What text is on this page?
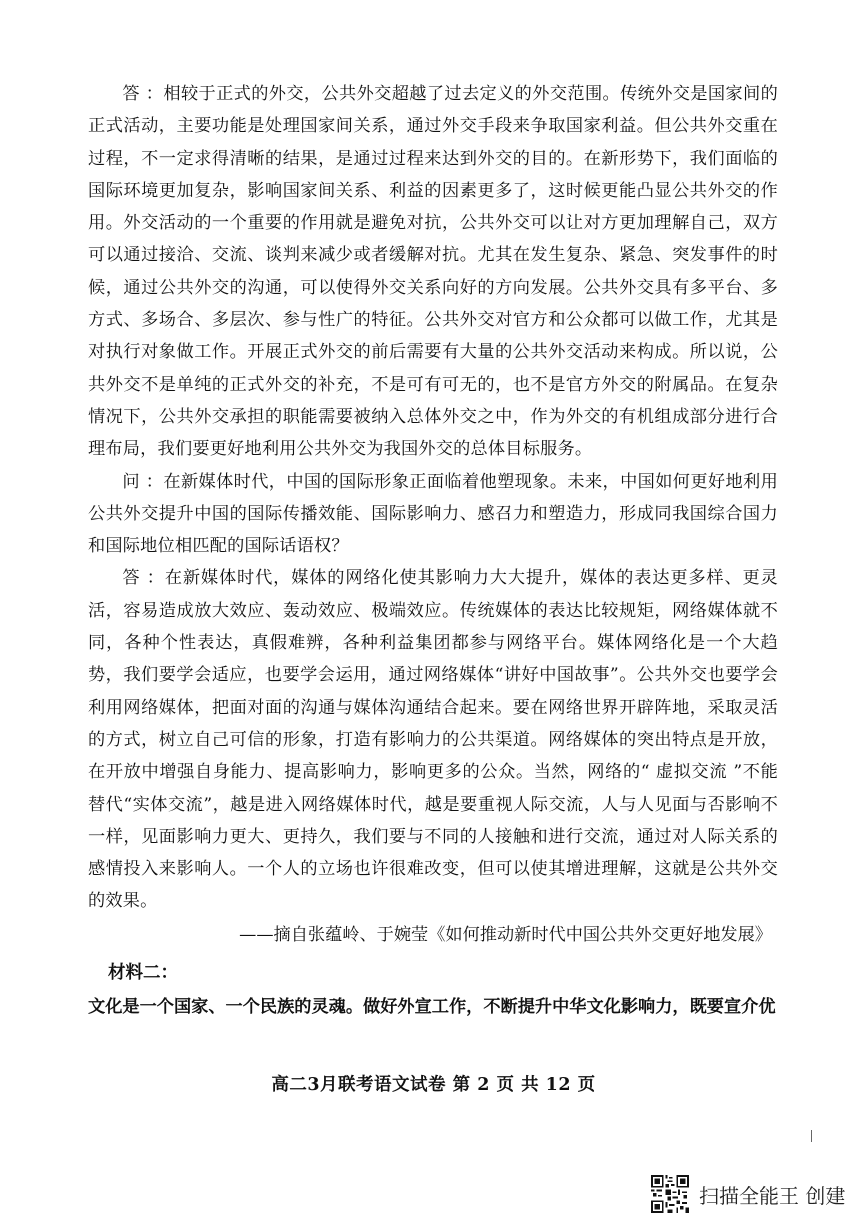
答 ：相较于正式的外交，公共外交超越了过去定义的外交范围。传统外交是国家间的正式活动，主要功能是处理国家间关系，通过外交手段来争取国家利益。但公共外交重在过程，不一定求得清晰的结果，是通过过程来达到外交的目的。在新形势下，我们面临的国际环境更加复杂，影响国家间关系、利益的因素更多了，这时候更能凸显公共外交的作用。外交活动的一个重要的作用就是避免对抗，公共外交可以让对方更加理解自己，双方可以通过接洽、交流、谈判来减少或者缓解对抗。尤其在发生复杂、紧急、突发事件的时候，通过公共外交的沟通，可以使得外交关系向好的方向发展。公共外交具有多平台、多方式、多场合、多层次、参与性广的特征。公共外交对官方和公众都可以做工作，尤其是对执行对象做工作。开展正式外交的前后需要有大量的公共外交活动来构成。所以说，公共外交不是单纯的正式外交的补充，不是可有可无的，也不是官方外交的附属品。在复杂情况下，公共外交承担的职能需要被纳入总体外交之中，作为外交的有机组成部分进行合理布局，我们要更好地利用公共外交为我国外交的总体目标服务。

问 ：在新媒体时代，中国的国际形象正面临着他塑现象。未来，中国如何更好地利用公共外交提升中国的国际传播效能、国际影响力、感召力和塑造力，形成同我国综合国力和国际地位相匹配的国际话语权？

答 ：在新媒体时代，媒体的网络化使其影响力大大提升，媒体的表达更多样、更灵活，容易造成放大效应、轰动效应、极端效应。传统媒体的表达比较规矩，网络媒体就不同，各种个性表达，真假难辨，各种利益集团都参与网络平台。媒体网络化是一个大趋势，我们要学会适应，也要学会运用，通过网络媒体“讲好中国故事”。公共外交也要学会利用网络媒体，把面对面的沟通与媒体沟通结合起来。要在网络世界开辟阵地，采取灵活的方式，树立自己可信的形象，打造有影响力的公共渠道。网络媒体的突出特点是开放，在开放中增强自身能力、提高影响力，影响更多的公众。当然，网络的“ 虚拟交流 ”不能替代“实体交流”，越是进入网络媒体时代，越是要重视人际交流，人与人见面与否影响不一样，见面影响力更大、更持久，我们要与不同的人接触和进行交流，通过对人际关系的感情投入来影响人。一个人的立场也许很难改变，但可以使其增进理解，这就是公共外交的效果。

——摘自张蕴岭、于婉莹《如何推动新时代中国公共外交更好地发展》

材料二：

文化是一个国家、一个民族的灵魂。做好外宣工作，不断提升中华文化影响力，既要宣介优

高二3月联考语文试卷 第 2 页 共 12 页
扫描全能王 创建
